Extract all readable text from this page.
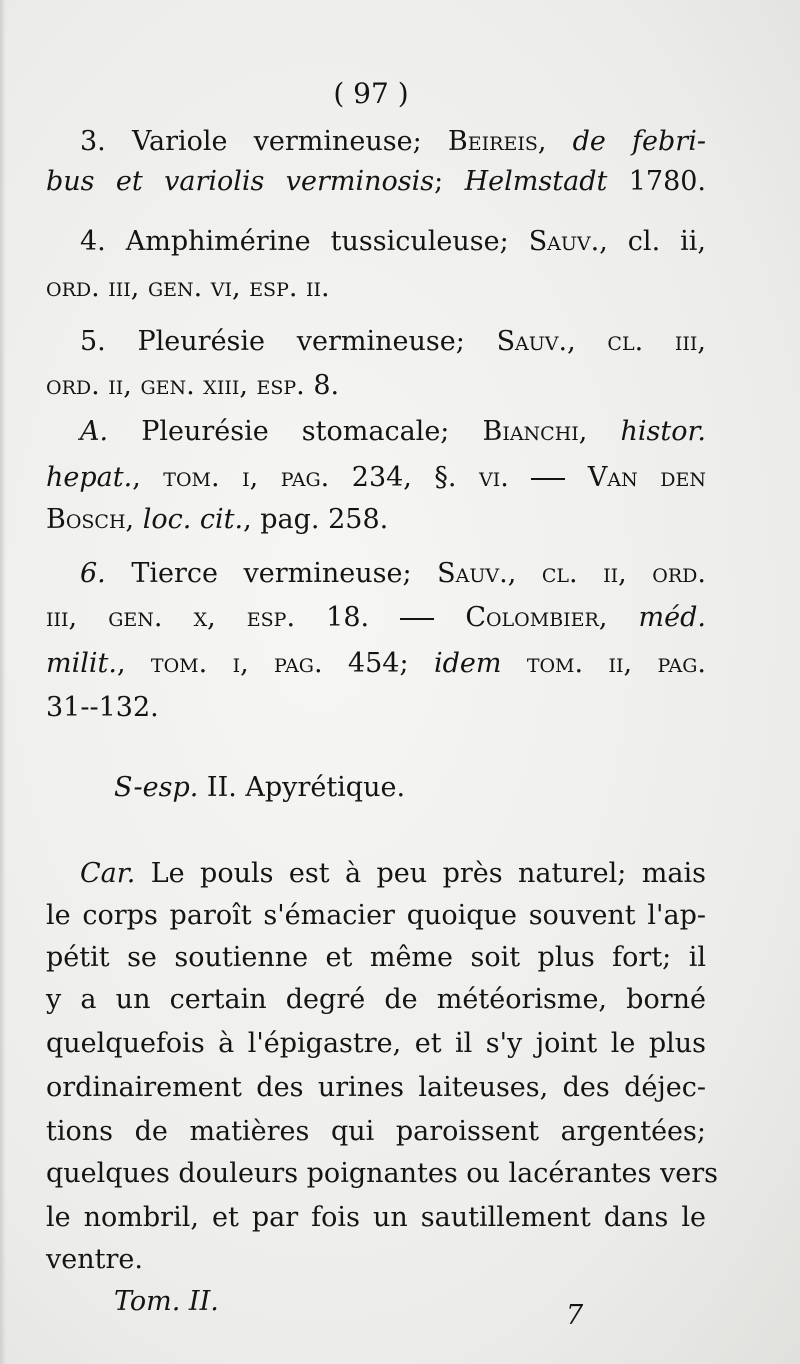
( 97 )
3. Variole vermineuse; Beireis, de febri-
bus et variolis verminosis; Helmstadt 1780.
4. Amphimérine tussiculeuse; Sauv., cl. ii,
ord. iii, gen. vi, esp. ii.
5. Pleurésie vermineuse; Sauv., cl. iii,
ord. ii, gen. xiii, esp. 8.
A. Pleurésie stomacale; Bianchi, histor.
hepat., tom. i, pag. 234, §. vi.	Van den
Bosch, loc. cit., pag. 258.
6. Tierce vermineuse; Sauv., cl. ii, ord.
iii, gen. x, esp. 18.	Colombier, méd.
milit., tom. i, pag. 454; idem tom. ii, pag.
31--132.
S-esp. II. Apyrétique.
Car. Le pouls est à peu près naturel; mais
le corps paroît s'émacier quoique souvent l'ap-
pétit se soutienne et même soit plus fort; il
y a un certain degré de météorisme, borné
quelquefois à l'épigastre, et il s'y joint le plus
ordinairement des urines laiteuses, des déjec-
tions de matières qui paroissent argentées;
quelques douleurs poignantes ou lacérantes vers
le nombril, et par fois un sautillement dans le
ventre.
Tom. II.	7
